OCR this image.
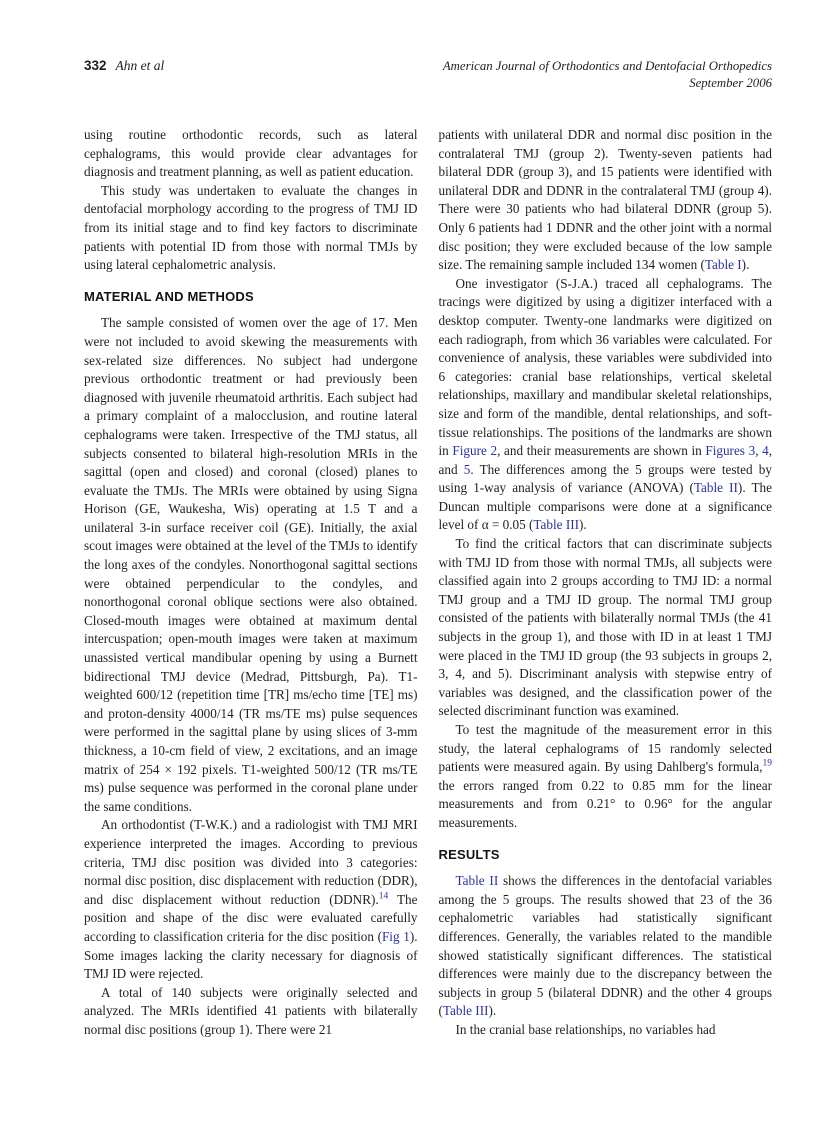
332 Ahn et al	American Journal of Orthodontics and Dentofacial Orthopedics
September 2006

using routine orthodontic records, such as lateral cephalograms, this would provide clear advantages for diagnosis and treatment planning, as well as patient education.

This study was undertaken to evaluate the changes in dentofacial morphology according to the progress of TMJ ID from its initial stage and to find key factors to discriminate patients with potential ID from those with normal TMJs by using lateral cephalometric analysis.

MATERIAL AND METHODS

The sample consisted of women over the age of 17. Men were not included to avoid skewing the measurements with sex-related size differences. No subject had undergone previous orthodontic treatment or had previously been diagnosed with juvenile rheumatoid arthritis. Each subject had a primary complaint of a malocclusion, and routine lateral cephalograms were taken. Irrespective of the TMJ status, all subjects consented to bilateral high-resolution MRIs in the sagittal (open and closed) and coronal (closed) planes to evaluate the TMJs. The MRIs were obtained by using Signa Horison (GE, Waukesha, Wis) operating at 1.5 T and a unilateral 3-in surface receiver coil (GE). Initially, the axial scout images were obtained at the level of the TMJs to identify the long axes of the condyles. Nonorthogonal sagittal sections were obtained perpendicular to the condyles, and nonorthogonal coronal oblique sections were also obtained. Closed-mouth images were obtained at maximum dental intercuspation; open-mouth images were taken at maximum unassisted vertical mandibular opening by using a Burnett bidirectional TMJ device (Medrad, Pittsburgh, Pa). T1-weighted 600/12 (repetition time [TR] ms/echo time [TE] ms) and proton-density 4000/14 (TR ms/TE ms) pulse sequences were performed in the sagittal plane by using slices of 3-mm thickness, a 10-cm field of view, 2 excitations, and an image matrix of 254 × 192 pixels. T1-weighted 500/12 (TR ms/TE ms) pulse sequence was performed in the coronal plane under the same conditions.

An orthodontist (T-W.K.) and a radiologist with TMJ MRI experience interpreted the images. According to previous criteria, TMJ disc position was divided into 3 categories: normal disc position, disc displacement with reduction (DDR), and disc displacement without reduction (DDNR).$^{14}$ The position and shape of the disc were evaluated carefully according to classification criteria for the disc position (Fig 1). Some images lacking the clarity necessary for diagnosis of TMJ ID were rejected.

A total of 140 subjects were originally selected and analyzed. The MRIs identified 41 patients with bilaterally normal disc positions (group 1). There were 21

patients with unilateral DDR and normal disc position in the contralateral TMJ (group 2). Twenty-seven patients had bilateral DDR (group 3), and 15 patients were identified with unilateral DDR and DDNR in the contralateral TMJ (group 4). There were 30 patients who had bilateral DDNR (group 5). Only 6 patients had 1 DDNR and the other joint with a normal disc position; they were excluded because of the low sample size. The remaining sample included 134 women (Table I).

One investigator (S-J.A.) traced all cephalograms. The tracings were digitized by using a digitizer interfaced with a desktop computer. Twenty-one landmarks were digitized on each radiograph, from which 36 variables were calculated. For convenience of analysis, these variables were subdivided into 6 categories: cranial base relationships, vertical skeletal relationships, maxillary and mandibular skeletal relationships, size and form of the mandible, dental relationships, and soft-tissue relationships. The positions of the landmarks are shown in Figure 2, and their measurements are shown in Figures 3, 4, and 5. The differences among the 5 groups were tested by using 1-way analysis of variance (ANOVA) (Table II). The Duncan multiple comparisons were done at a significance level of α = 0.05 (Table III).

To find the critical factors that can discriminate subjects with TMJ ID from those with normal TMJs, all subjects were classified again into 2 groups according to TMJ ID: a normal TMJ group and a TMJ ID group. The normal TMJ group consisted of the patients with bilaterally normal TMJs (the 41 subjects in the group 1), and those with ID in at least 1 TMJ were placed in the TMJ ID group (the 93 subjects in groups 2, 3, 4, and 5). Discriminant analysis with stepwise entry of variables was designed, and the classification power of the selected discriminant function was examined.

To test the magnitude of the measurement error in this study, the lateral cephalograms of 15 randomly selected patients were measured again. By using Dahlberg's formula,$^{19}$ the errors ranged from 0.22 to 0.85 mm for the linear measurements and from 0.21° to 0.96° for the angular measurements.

RESULTS

Table II shows the differences in the dentofacial variables among the 5 groups. The results showed that 23 of the 36 cephalometric variables had statistically significant differences. Generally, the variables related to the mandible showed statistically significant differences. The statistical differences were mainly due to the discrepancy between the subjects in group 5 (bilateral DDNR) and the other 4 groups (Table III).

In the cranial base relationships, no variables had
